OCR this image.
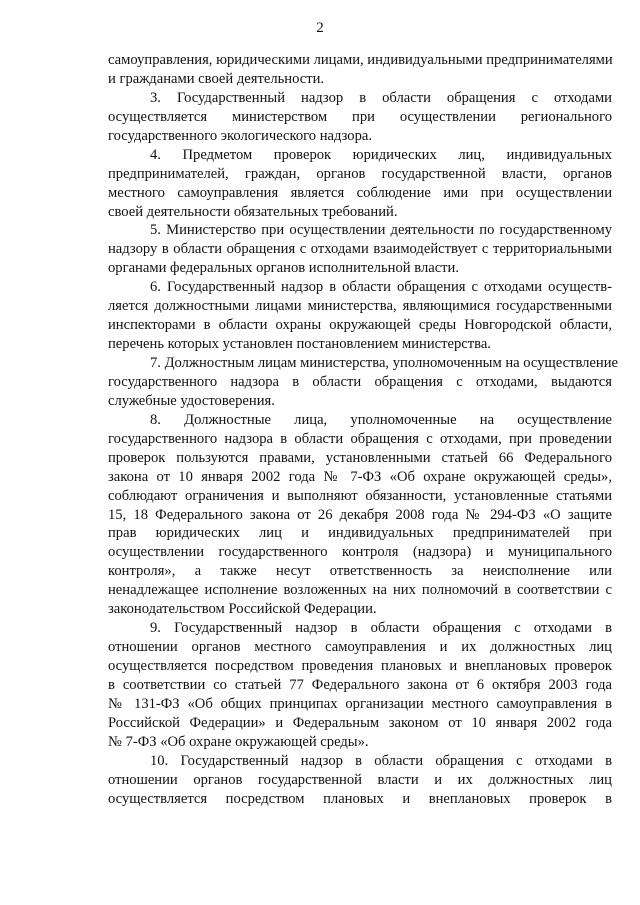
2
самоуправления, юридическими лицами, индивидуальными предпринимателями
и гражданами своей деятельности.
3. Государственный надзор в области обращения с отходами
осуществляется министерством при осуществлении регионального
государственного экологического надзора.
4. Предметом проверок юридических лиц, индивидуальных
предпринимателей, граждан, органов государственной власти, органов
местного самоуправления является соблюдение ими при осуществлении
своей деятельности обязательных требований.
5. Министерство при осуществлении деятельности по государственному
надзору в области обращения с отходами взаимодействует с территориальными
органами федеральных органов исполнительной власти.
6. Государственный надзор в области обращения с отходами осуществ-
ляется должностными лицами министерства, являющимися государственными
инспекторами в области охраны окружающей среды Новгородской области,
перечень которых установлен постановлением министерства.
7. Должностным лицам министерства, уполномоченным на осуществление
государственного надзора в области обращения с отходами, выдаются
служебные удостоверения.
8. Должностные лица, уполномоченные на осуществление
государственного надзора в области обращения с отходами, при проведении
проверок пользуются правами, установленными статьей 66 Федерального
закона от 10 января 2002 года № 7-ФЗ «Об охране окружающей среды»,
соблюдают ограничения и выполняют обязанности, установленные статьями
15, 18 Федерального закона от 26 декабря 2008 года № 294-ФЗ «О защите
прав юридических лиц и индивидуальных предпринимателей при
осуществлении государственного контроля (надзора) и муниципального
контроля», а также несут ответственность за неисполнение или
ненадлежащее исполнение возложенных на них полномочий в соответствии с
законодательством Российской Федерации.
9. Государственный надзор в области обращения с отходами в
отношении органов местного самоуправления и их должностных лиц
осуществляется посредством проведения плановых и внеплановых проверок
в соответствии со статьей 77 Федерального закона от 6 октября 2003 года
№ 131-ФЗ «Об общих принципах организации местного самоуправления в
Российской Федерации» и Федеральным законом от 10 января 2002 года
№ 7-ФЗ «Об охране окружающей среды».
10. Государственный надзор в области обращения с отходами в
отношении органов государственной власти и их должностных лиц
осуществляется посредством плановых и внеплановых проверок в
